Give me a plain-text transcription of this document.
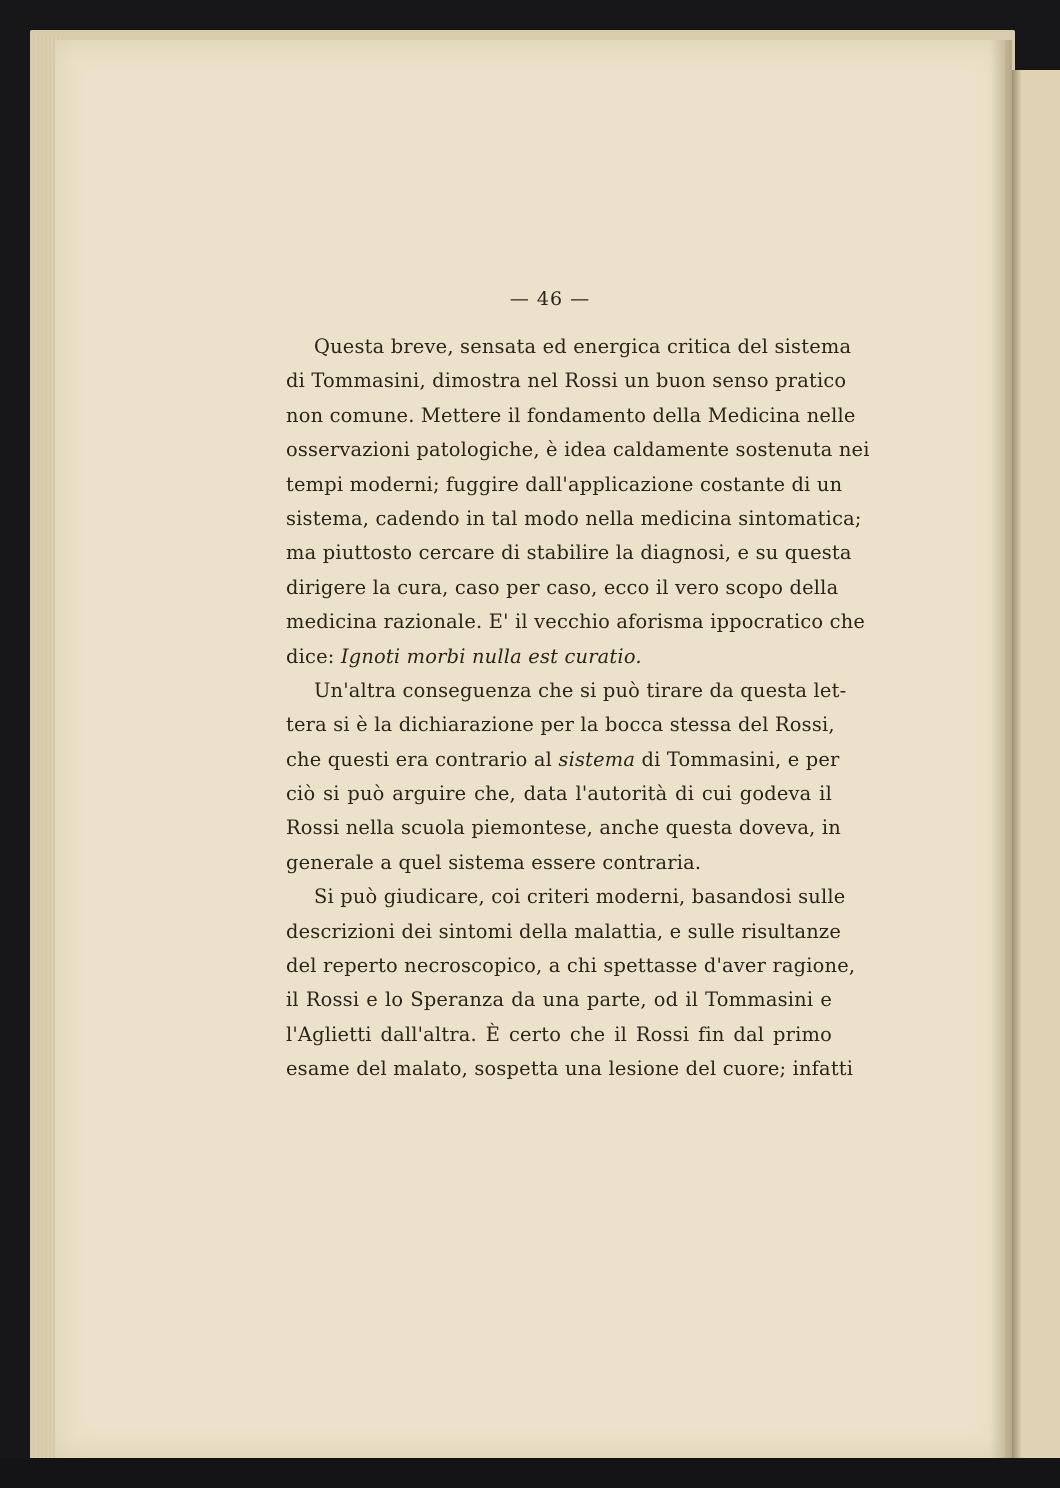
— 46 —
Questa breve, sensata ed energica critica del sistema
di Tommasini, dimostra nel Rossi un buon senso pratico
non comune. Mettere il fondamento della Medicina nelle
osservazioni patologiche, è idea caldamente sostenuta nei
tempi moderni; fuggire dall'applicazione costante di un
sistema, cadendo in tal modo nella medicina sintomatica;
ma piuttosto cercare di stabilire la diagnosi, e su questa
dirigere la cura, caso per caso, ecco il vero scopo della
medicina razionale. E' il vecchio aforisma ippocratico che
dice: Ignoti morbi nulla est curatio.
Un'altra conseguenza che si può tirare da questa let-
tera si è la dichiarazione per la bocca stessa del Rossi,
che questi era contrario al sistema di Tommasini, e per
ciò si può arguire che, data l'autorità di cui godeva il
Rossi nella scuola piemontese, anche questa doveva, in
generale a quel sistema essere contraria.
Si può giudicare, coi criteri moderni, basandosi sulle
descrizioni dei sintomi della malattia, e sulle risultanze
del reperto necroscopico, a chi spettasse d'aver ragione,
il Rossi e lo Speranza da una parte, od il Tommasini e
l'Aglietti dall'altra. È certo che il Rossi fin dal primo
esame del malato, sospetta una lesione del cuore; infatti
